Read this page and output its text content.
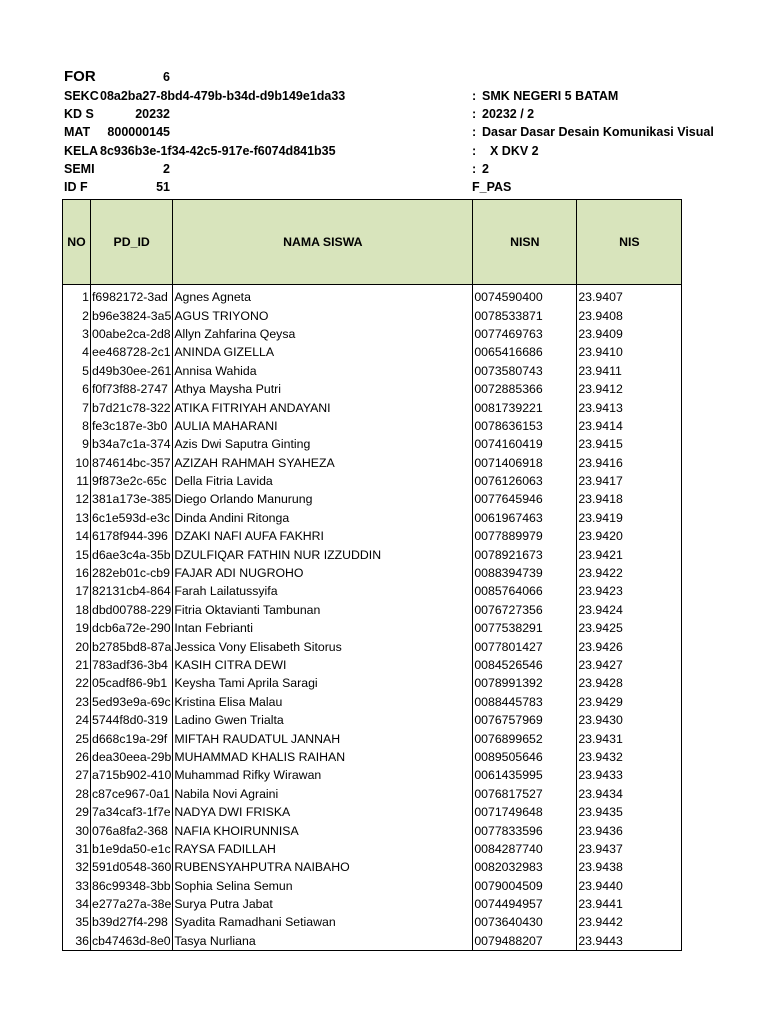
FOR	6
SEKC 08a2ba27-8bd4-479b-b34d-d9b149e1da33	: SMK NEGERI 5 BATAM
KD S	20232	: 20232 / 2
MAT	800000145	: Dasar Dasar Desain Komunikasi Visual
KELA 8c936b3e-1f34-42c5-917e-f6074d841b35	: X DKV 2
SEMI	2	: 2
ID F	51	F_PAS
NO	PD_ID	NAMA SISWA	NISN	NIS

1	f6982172-3ad	Agnes Agneta	0074590400	23.9407
2	b96e3824-3a5	AGUS TRIYONO	0078533871	23.9408
3	00abe2ca-2d8	Allyn Zahfarina Qeysa	0077469763	23.9409
4	ee468728-2c1	ANINDA GIZELLA	0065416686	23.9410
5	d49b30ee-261	Annisa Wahida	0073580743	23.9411
6	f0f73f88-2747	Athya Maysha Putri	0072885366	23.9412
7	b7d21c78-322	ATIKA FITRIYAH ANDAYANI	0081739221	23.9413
8	fe3c187e-3b0	AULIA MAHARANI	0078636153	23.9414
9	b34a7c1a-374	Azis Dwi Saputra Ginting	0074160419	23.9415
10	874614bc-357	AZIZAH RAHMAH SYAHEZA	0071406918	23.9416
11	9f873e2c-65c	Della Fitria Lavida	0076126063	23.9417
12	381a173e-385	Diego Orlando Manurung	0077645946	23.9418
13	6c1e593d-e3c	Dinda Andini Ritonga	0061967463	23.9419
14	6178f944-396	DZAKI NAFI AUFA FAKHRI	0077889979	23.9420
15	d6ae3c4a-35b	DZULFIQAR FATHIN NUR IZZUDDIN	0078921673	23.9421
16	282eb01c-cb9	FAJAR ADI NUGROHO	0088394739	23.9422
17	82131cb4-864	Farah Lailatussyifa	0085764066	23.9423
18	dbd00788-229	Fitria Oktavianti Tambunan	0076727356	23.9424
19	dcb6a72e-290	Intan Febrianti	0077538291	23.9425
20	b2785bd8-87a	Jessica Vony Elisabeth Sitorus	0077801427	23.9426
21	783adf36-3b4	KASIH CITRA DEWI	0084526546	23.9427
22	05cadf86-9b1	Keysha Tami Aprila Saragi	0078991392	23.9428
23	5ed93e9a-69c	Kristina Elisa Malau	0088445783	23.9429
24	5744f8d0-319	Ladino Gwen Trialta	0076757969	23.9430
25	d668c19a-29f	MIFTAH RAUDATUL JANNAH	0076899652	23.9431
26	dea30eea-29b	MUHAMMAD KHALIS RAIHAN	0089505646	23.9432
27	a715b902-410	Muhammad Rifky Wirawan	0061435995	23.9433
28	c87ce967-0a1	Nabila Novi Agraini	0076817527	23.9434
29	7a34caf3-1f7e	NADYA DWI FRISKA	0071749648	23.9435
30	076a8fa2-368	NAFIA KHOIRUNNISA	0077833596	23.9436
31	b1e9da50-e1c	RAYSA FADILLAH	0084287740	23.9437
32	591d0548-360	RUBENSYAHPUTRA NAIBAHO	0082032983	23.9438
33	86c99348-3bb	Sophia Selina Semun	0079004509	23.9440
34	e277a27a-38e	Surya Putra Jabat	0074494957	23.9441
35	b39d27f4-298	Syadita Ramadhani Setiawan	0073640430	23.9442
36	cb47463d-8e0	Tasya Nurliana	0079488207	23.9443
